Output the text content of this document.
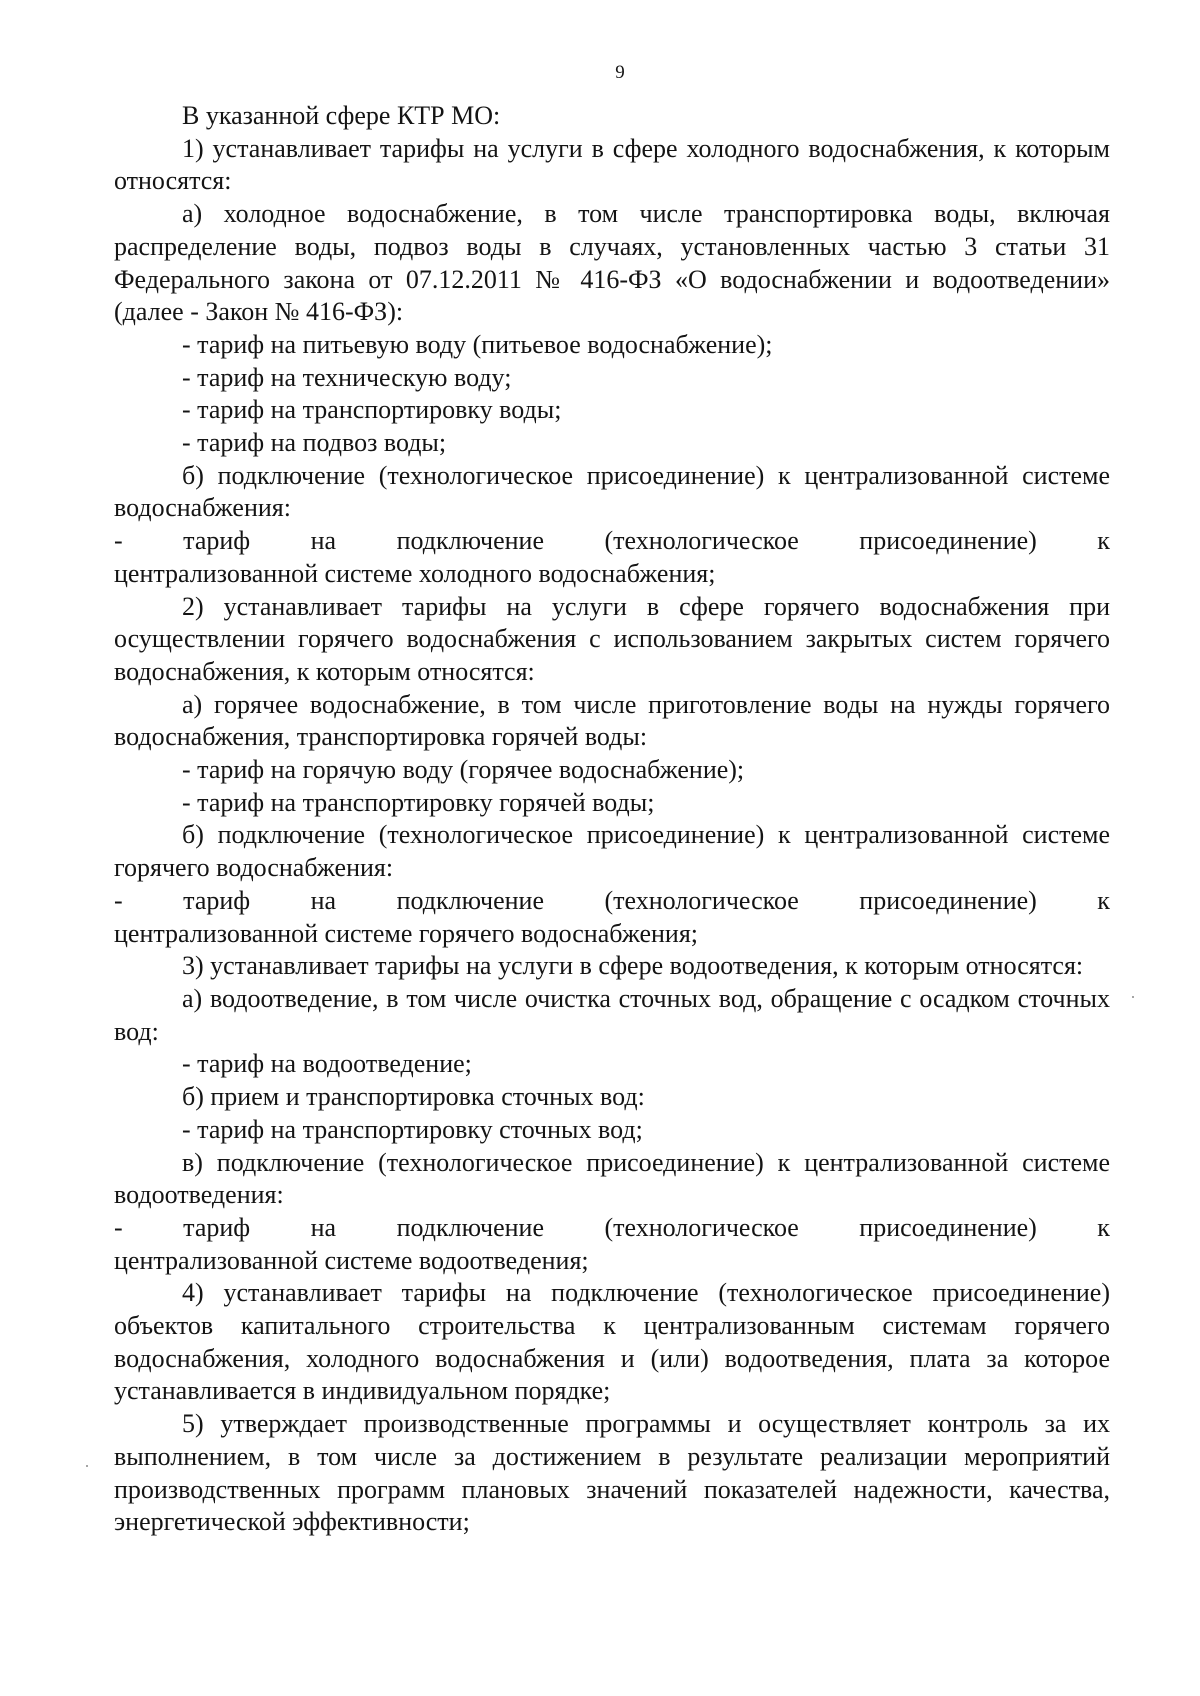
9

В указанной сфере КТР МО:

1) устанавливает тарифы на услуги в сфере холодного водоснабжения, к которым относятся:

а) холодное водоснабжение, в том числе транспортировка воды, включая распределение воды, подвоз воды в случаях, установленных частью 3 статьи 31 Федерального закона от 07.12.2011 № 416-ФЗ «О водоснабжении и водоотведении» (далее - Закон № 416-ФЗ):

- тариф на питьевую воду (питьевое водоснабжение);

- тариф на техническую воду;

- тариф на транспортировку воды;

- тариф на подвоз воды;

б) подключение (технологическое присоединение) к централизованной системе водоснабжения:

- тариф на подключение (технологическое присоединение) к
централизованной системе холодного водоснабжения;

2) устанавливает тарифы на услуги в сфере горячего водоснабжения при осуществлении горячего водоснабжения с использованием закрытых систем горячего водоснабжения, к которым относятся:

а) горячее водоснабжение, в том числе приготовление воды на нужды горячего водоснабжения, транспортировка горячей воды:

- тариф на горячую воду (горячее водоснабжение);

- тариф на транспортировку горячей воды;

б) подключение (технологическое присоединение) к централизованной системе горячего водоснабжения:

- тариф на подключение (технологическое присоединение) к
централизованной системе горячего водоснабжения;

3) устанавливает тарифы на услуги в сфере водоотведения, к которым относятся:

а) водоотведение, в том числе очистка сточных вод, обращение с осадком сточных вод:

- тариф на водоотведение;

б) прием и транспортировка сточных вод:

- тариф на транспортировку сточных вод;

в) подключение (технологическое присоединение) к централизованной системе водоотведения:

- тариф на подключение (технологическое присоединение) к
централизованной системе водоотведения;

4) устанавливает тарифы на подключение (технологическое присоединение) объектов капитального строительства к централизованным системам горячего водоснабжения, холодного водоснабжения и (или) водоотведения, плата за которое устанавливается в индивидуальном порядке;

5) утверждает производственные программы и осуществляет контроль за их выполнением, в том числе за достижением в результате реализации мероприятий производственных программ плановых значений показателей надежности, качества, энергетической эффективности;
